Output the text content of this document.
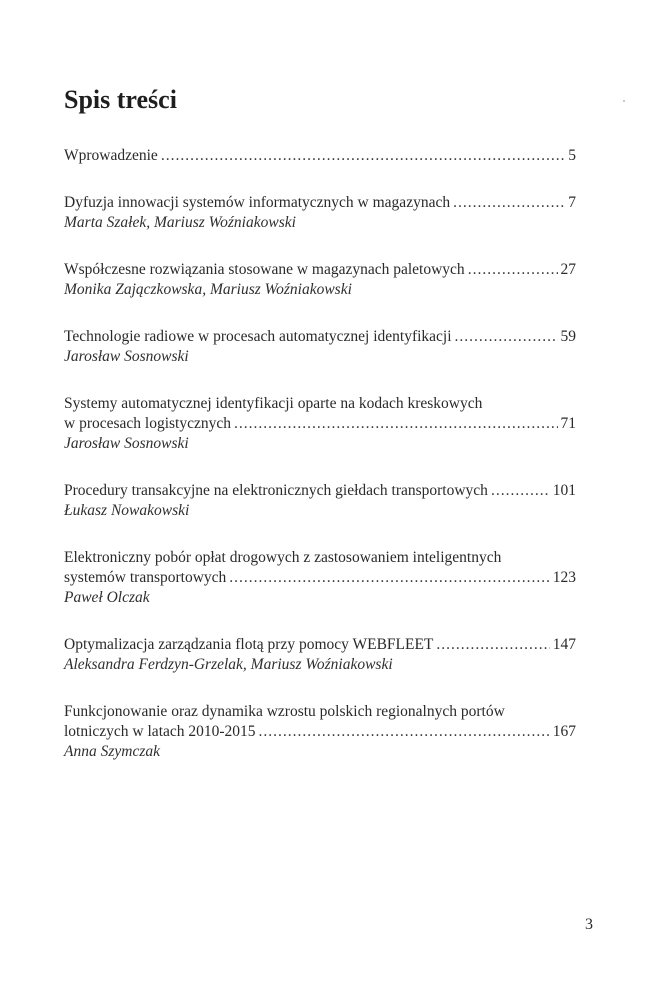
Spis treści
Wprowadzenie .....	5
Dyfuzja innowacji systemów informatycznych w magazynach .....	7
Marta Szałek, Mariusz Woźniakowski
Współczesne rozwiązania stosowane w magazynach paletowych .....	27
Monika Zajączkowska, Mariusz Woźniakowski
Technologie radiowe w procesach automatycznej identyfikacji .....	59
Jarosław Sosnowski
Systemy automatycznej identyfikacji oparte na kodach kreskowych
w procesach logistycznych .....	71
Jarosław Sosnowski
Procedury transakcyjne na elektronicznych giełdach transportowych .....	101
Łukasz Nowakowski
Elektroniczny pobór opłat drogowych z zastosowaniem inteligentnych
systemów transportowych .....	123
Paweł Olczak
Optymalizacja zarządzania flotą przy pomocy WEBFLEET .....	147
Aleksandra Ferdzyn-Grzelak, Mariusz Woźniakowski
Funkcjonowanie oraz dynamika wzrostu polskich regionalnych portów
lotniczych w latach 2010-2015 .....	167
Anna Szymczak
3
